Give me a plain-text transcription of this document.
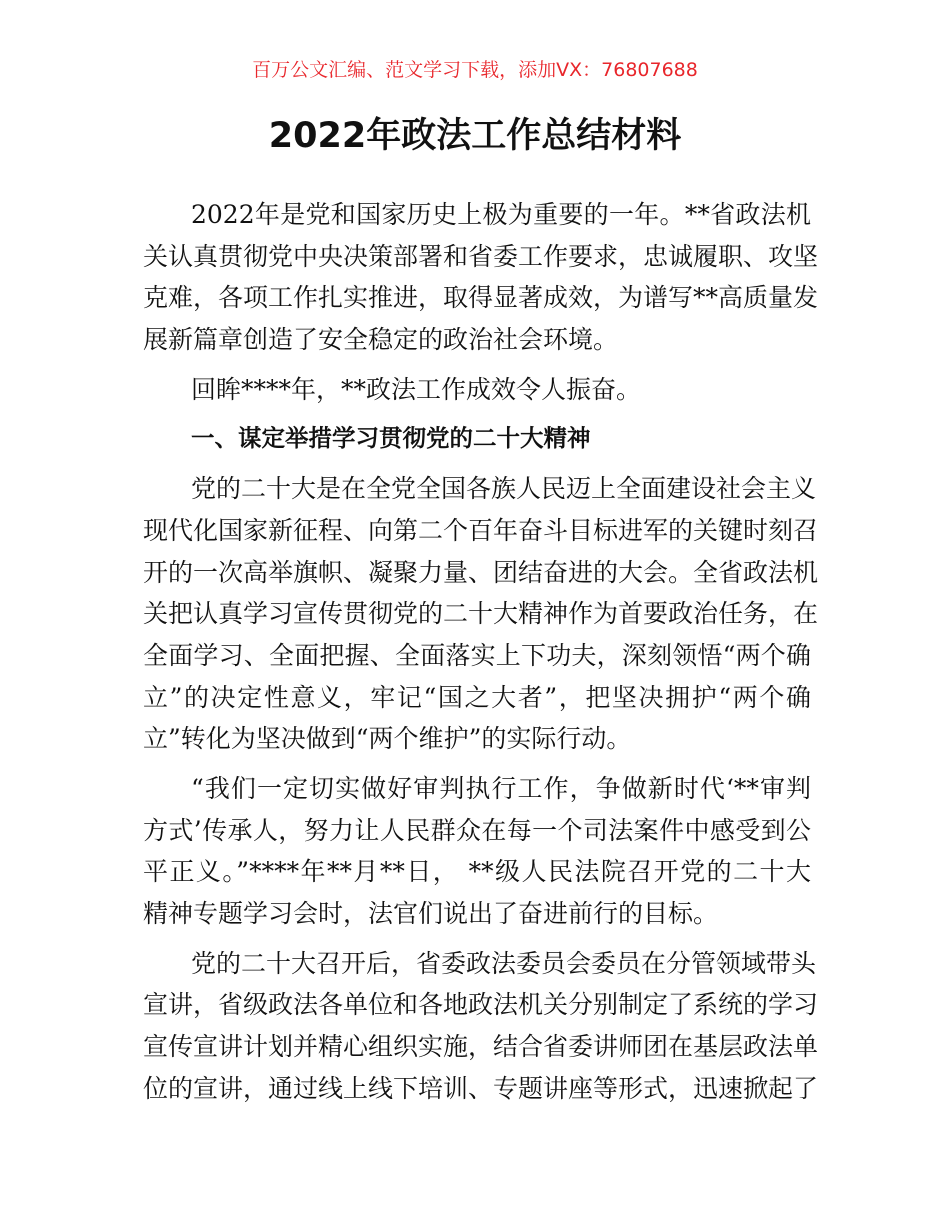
百万公文汇编、范文学习下载，添加VX：76807688
2022年政法工作总结材料
2022年是党和国家历史上极为重要的一年。**省政法机
关认真贯彻党中央决策部署和省委工作要求，忠诚履职、攻坚
克难，各项工作扎实推进，取得显著成效，为谱写**高质量发
展新篇章创造了安全稳定的政治社会环境。
回眸****年，**政法工作成效令人振奋。
一、谋定举措学习贯彻党的二十大精神
党的二十大是在全党全国各族人民迈上全面建设社会主义
现代化国家新征程、向第二个百年奋斗目标进军的关键时刻召
开的一次高举旗帜、凝聚力量、团结奋进的大会。全省政法机
关把认真学习宣传贯彻党的二十大精神作为首要政治任务，在
全面学习、全面把握、全面落实上下功夫，深刻领悟“两个确
立”的决定性意义，牢记“国之大者”，把坚决拥护“两个确
立”转化为坚决做到“两个维护”的实际行动。
“我们一定切实做好审判执行工作，争做新时代‘**审判
方式’传承人，努力让人民群众在每一个司法案件中感受到公
平正义。”****年**月**日， **级人民法院召开党的二十大
精神专题学习会时，法官们说出了奋进前行的目标。
党的二十大召开后，省委政法委员会委员在分管领域带头
宣讲，省级政法各单位和各地政法机关分别制定了系统的学习
宣传宣讲计划并精心组织实施，结合省委讲师团在基层政法单
位的宣讲，通过线上线下培训、专题讲座等形式，迅速掀起了
